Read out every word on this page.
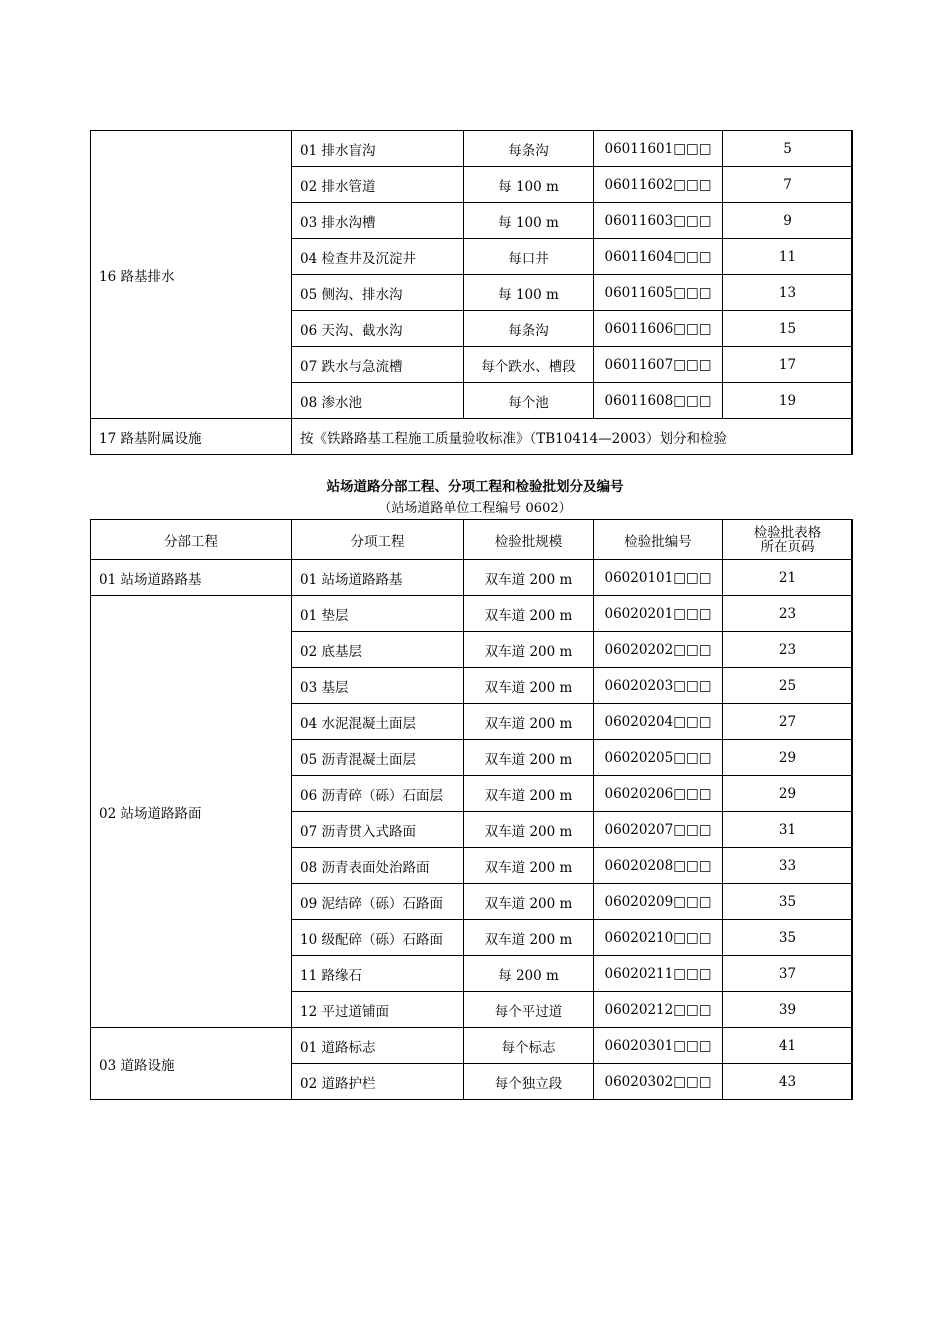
16 路基排水	01 排水盲沟	每条沟	06011601□□□	5
	02 排水管道	每 100 m	06011602□□□	7
	03 排水沟槽	每 100 m	06011603□□□	9
	04 检查井及沉淀井	每口井	06011604□□□	11
	05 侧沟、排水沟	每 100 m	06011605□□□	13
	06 天沟、截水沟	每条沟	06011606□□□	15
	07 跌水与急流槽	每个跌水、槽段	06011607□□□	17
	08 渗水池	每个池	06011608□□□	19
17 路基附属设施	按《铁路路基工程施工质量验收标准》（TB10414—2003）划分和检验			
站场道路分部工程、分项工程和检验批划分及编号
（站场道路单位工程编号 0602）
分部工程	分项工程	检验批规模	检验批编号	检验批表格
所在页码

01 站场道路路基	01 站场道路路基	双车道 200 m	06020101□□□	21
02 站场道路路面	01 垫层	双车道 200 m	06020201□□□	23
	02 底基层	双车道 200 m	06020202□□□	23
	03 基层	双车道 200 m	06020203□□□	25
	04 水泥混凝土面层	双车道 200 m	06020204□□□	27
	05 沥青混凝土面层	双车道 200 m	06020205□□□	29
	06 沥青碎（砾）石面层	双车道 200 m	06020206□□□	29
	07 沥青贯入式路面	双车道 200 m	06020207□□□	31
	08 沥青表面处治路面	双车道 200 m	06020208□□□	33
	09 泥结碎（砾）石路面	双车道 200 m	06020209□□□	35
	10 级配碎（砾）石路面	双车道 200 m	06020210□□□	35
	11 路缘石	每 200 m	06020211□□□	37
	12 平过道铺面	每个平过道	06020212□□□	39
03 道路设施	01 道路标志	每个标志	06020301□□□	41
	02 道路护栏	每个独立段	06020302□□□	43
